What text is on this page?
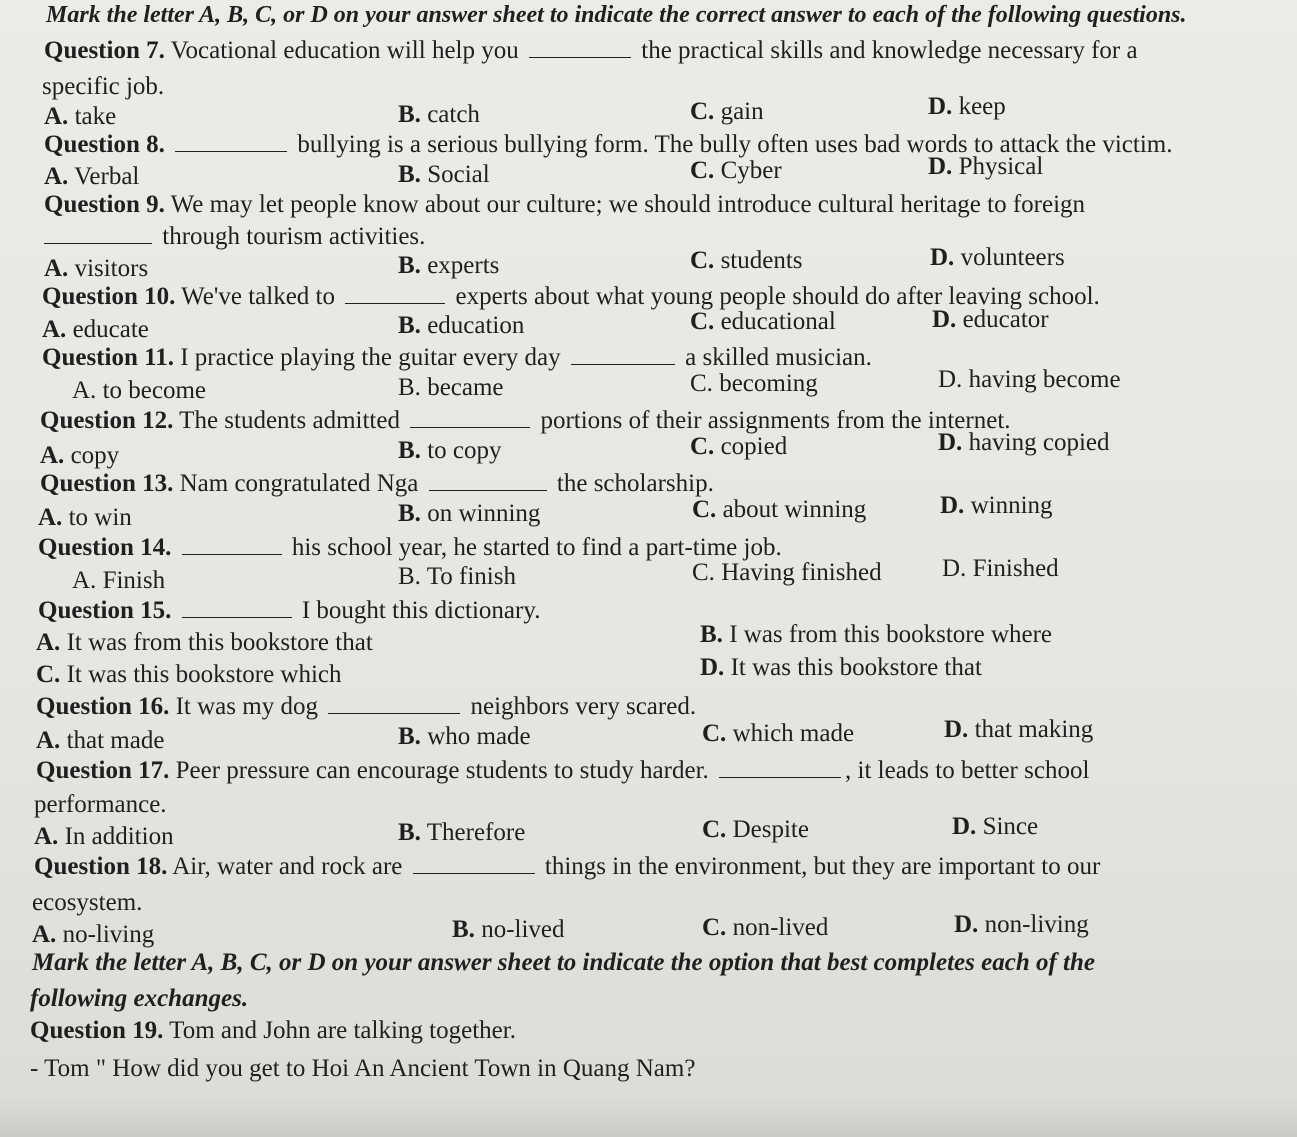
Mark the letter A, B, C, or D on your answer sheet to indicate the correct answer to each of the following questions.
Question 7. Vocational education will help you	the practical skills and knowledge necessary for a
specific job.
A. take	B. catch	C. gain	D. keep
Question 8.	bullying is a serious bullying form. The bully often uses bad words to attack the victim.
A. Verbal	B. Social	C. Cyber	D. Physical
Question 9. We may let people know about our culture; we should introduce cultural heritage to foreign
through tourism activities.
A. visitors	B. experts	C. students	D. volunteers
Question 10. We've talked to	experts about what young people should do after leaving school.
A. educate	B. education	C. educational	D. educator
Question 11. I practice playing the guitar every day	a skilled musician.
A. to become	B. became	C. becoming	D. having become
Question 12. The students admitted	portions of their assignments from the internet.
A. copy	B. to copy	C. copied	D. having copied
Question 13. Nam congratulated Nga	the scholarship.
A. to win	B. on winning	C. about winning	D. winning
Question 14.	his school year, he started to find a part-time job.
A. Finish	B. To finish	C. Having finished D. Finished
Question 15.	I bought this dictionary.
A. It was from this bookstore that	B. I was from this bookstore where
C. It was this bookstore which	D. It was this bookstore that
Question 16. It was my dog	neighbors very scared.
A. that made	B. who made	C. which made	D. that making
Question 17. Peer pressure can encourage students to study harder.	, it leads to better school
performance.
A. In addition	B. Therefore	C. Despite	D. Since
Question 18. Air, water and rock are	things in the environment, but they are important to our
ecosystem.
A. no-living	B. no-lived	C. non-lived	D. non-living
Mark the letter A, B, C, or D on your answer sheet to indicate the option that best completes each of the
following exchanges.
Question 19. Tom and John are talking together.
- Tom " How did you get to Hoi An Ancient Town in Quang Nam?
